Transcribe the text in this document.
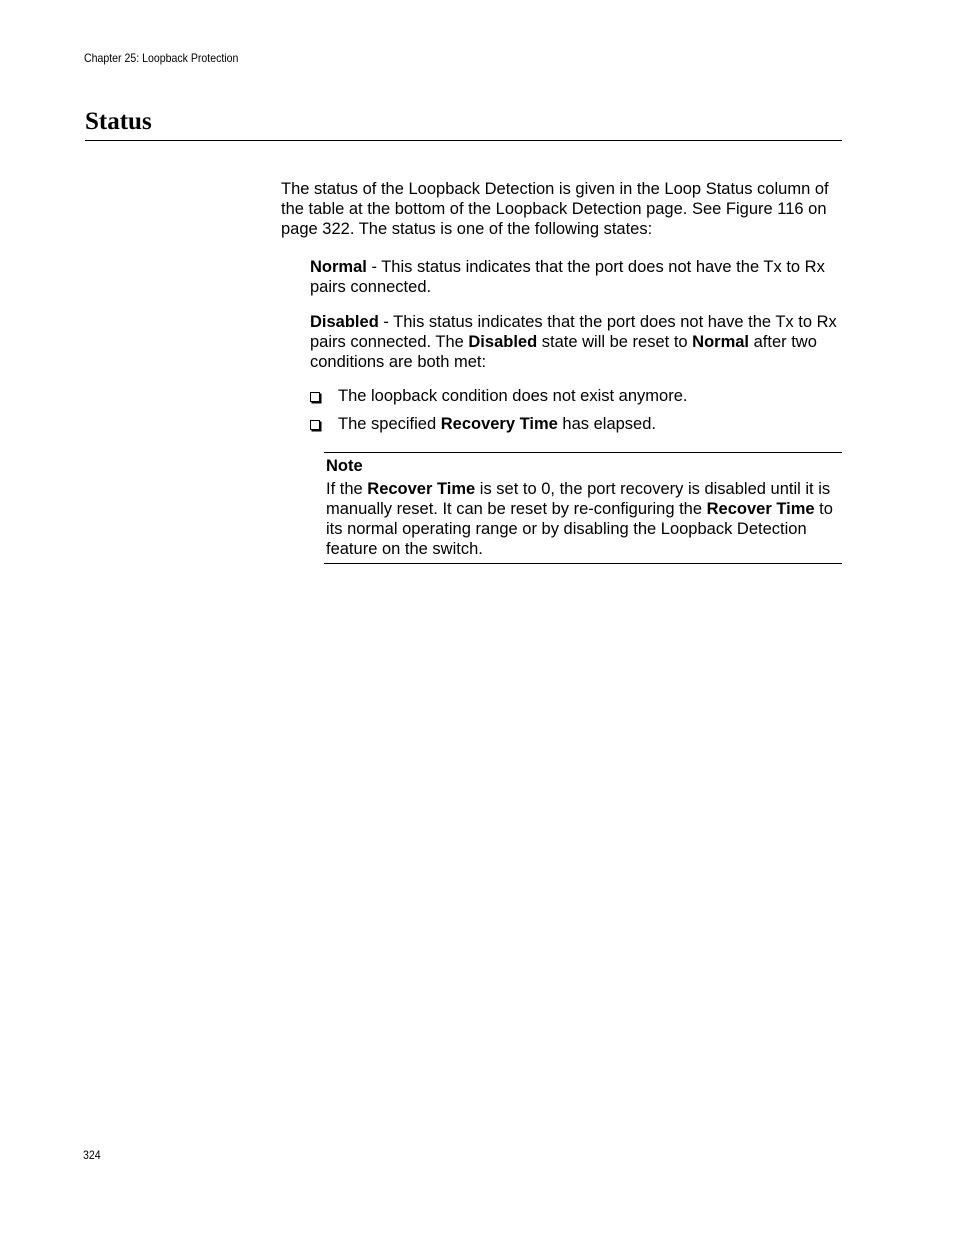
Chapter 25: Loopback Protection
Status

The status of the Loopback Detection is given in the Loop Status column of the table at the bottom of the Loopback Detection page. See Figure 116 on page 322. The status is one of the following states:

Normal - This status indicates that the port does not have the Tx to Rx pairs connected.

Disabled - This status indicates that the port does not have the Tx to Rx pairs connected. The Disabled state will be reset to Normal after two conditions are both met:

The loopback condition does not exist anymore.
The specified Recovery Time has elapsed.
Note

If the Recover Time is set to 0, the port recovery is disabled until it is manually reset. It can be reset by re-configuring the Recover Time to its normal operating range or by disabling the Loopback Detection feature on the switch.

324
